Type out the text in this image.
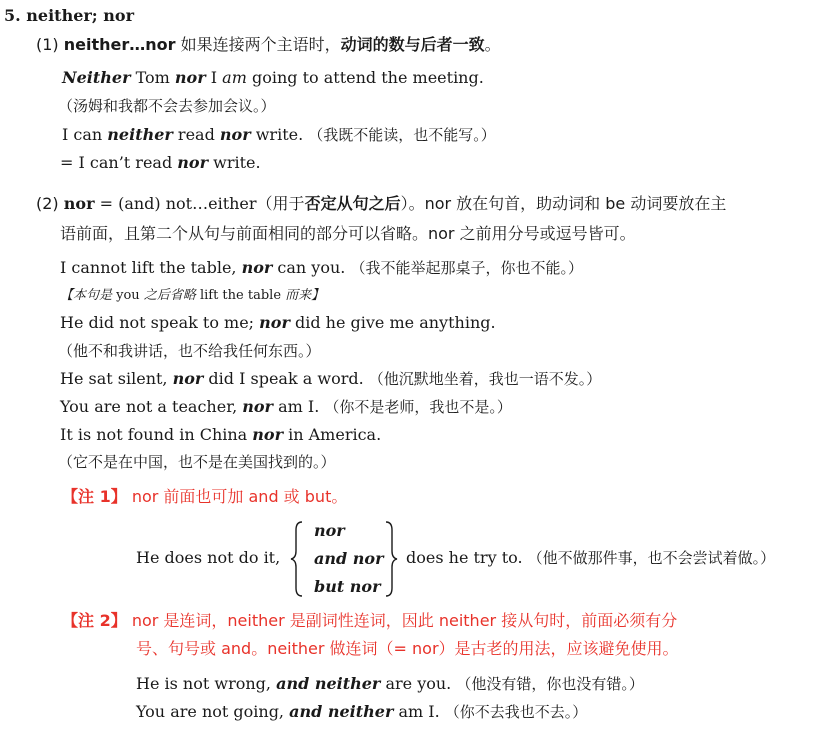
5. neither; nor
(1) neither…nor 如果连接两个主语时，动词的数与后者一致。
Neither Tom nor I am going to attend the meeting.
（汤姆和我都不会去参加会议。）
I can neither read nor write. （我既不能读，也不能写。）
= I can’t read nor write.
(2) nor = (and) not…either（用于否定从句之后）。nor 放在句首，助动词和 be 动词要放在主
语前面，且第二个从句与前面相同的部分可以省略。nor 之前用分号或逗号皆可。
I cannot lift the table, nor can you. （我不能举起那桌子，你也不能。）
【本句是 you 之后省略 lift the table 而来】
He did not speak to me; nor did he give me anything.
（他不和我讲话，也不给我任何东西。）
He sat silent, nor did I speak a word. （他沉默地坐着，我也一语不发。）
You are not a teacher, nor am I. （你不是老师，我也不是。）
It is not found in China nor in America.
（它不是在中国，也不是在美国找到的。）
【注 1】 nor 前面也可加 and 或 but。
He does not do it,
nor
and nor
but nor
does he try to. （他不做那件事，也不会尝试着做。）
【注 2】 nor 是连词，neither 是副词性连词，因此 neither 接从句时，前面必须有分
号、句号或 and。neither 做连词（= nor）是古老的用法，应该避免使用。
He is not wrong, and neither are you. （他没有错，你也没有错。）
You are not going, and neither am I. （你不去我也不去。）
